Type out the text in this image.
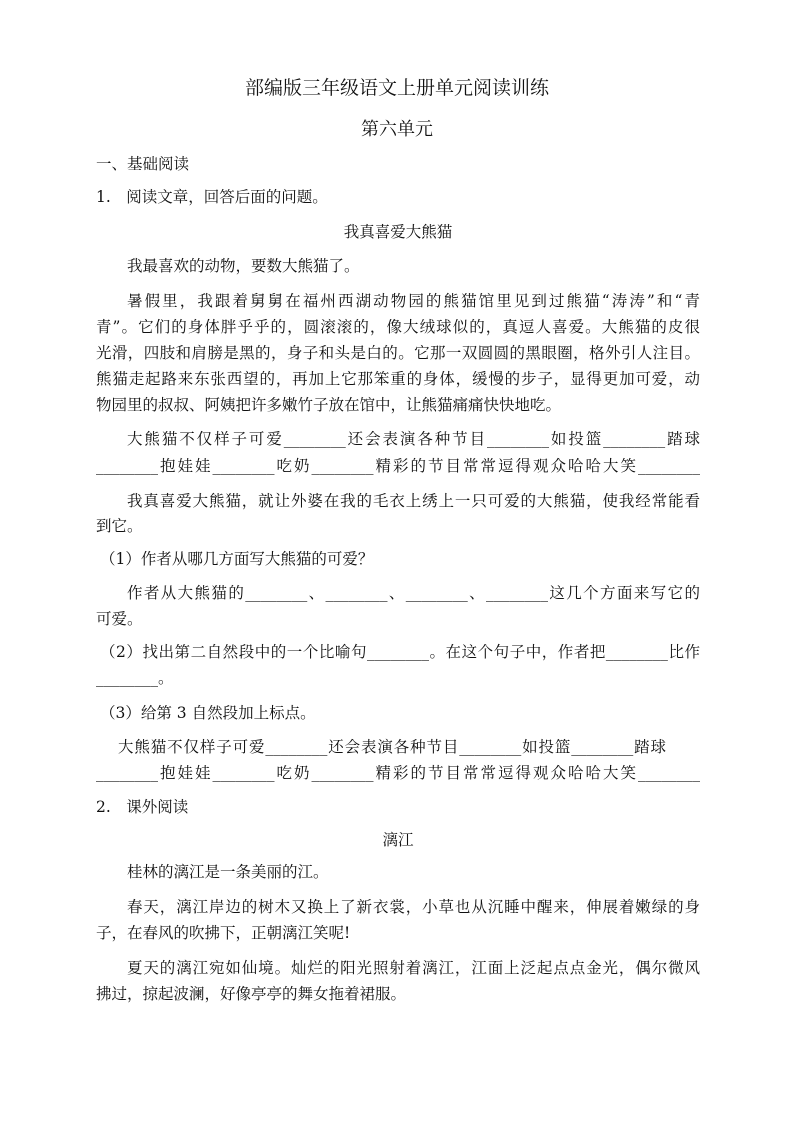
部编版三年级语文上册单元阅读训练
第六单元
一、基础阅读
1.　阅读文章，回答后面的问题。
我真喜爱大熊猫
我最喜欢的动物，要数大熊猫了。
暑假里，我跟着舅舅在福州西湖动物园的熊猫馆里见到过熊猫“涛涛”和“青
青”。它们的身体胖乎乎的，圆滚滚的，像大绒球似的，真逗人喜爱。大熊猫的皮很
光滑，四肢和肩膀是黑的，身子和头是白的。它那一双圆圆的黑眼圈，格外引人注目。
熊猫走起路来东张西望的，再加上它那笨重的身体，缓慢的步子，显得更加可爱，动
物园里的叔叔、阿姨把许多嫩竹子放在馆中，让熊猫痛痛快快地吃。
大熊猫不仅样子可爱________还会表演各种节目________如投篮________踏球
________抱娃娃________吃奶________精彩的节目常常逗得观众哈哈大笑________
我真喜爱大熊猫，就让外婆在我的毛衣上绣上一只可爱的大熊猫，使我经常能看
到它。
（1）作者从哪几方面写大熊猫的可爱？
作者从大熊猫的________、________、________、________这几个方面来写它的
可爱。
（2）找出第二自然段中的一个比喻句________。在这个句子中，作者把________比作
________。
（3）给第 3 自然段加上标点。
大熊猫不仅样子可爱________还会表演各种节目________如投篮________踏球
________抱娃娃________吃奶________精彩的节目常常逗得观众哈哈大笑________
2.　课外阅读
漓江
桂林的漓江是一条美丽的江。
春天，漓江岸边的树木又换上了新衣裳，小草也从沉睡中醒来，伸展着嫩绿的身
子，在春风的吹拂下，正朝漓江笑呢!
夏天的漓江宛如仙境。灿烂的阳光照射着漓江，江面上泛起点点金光，偶尔微风
拂过，掠起波澜，好像亭亭的舞女拖着裙服。
